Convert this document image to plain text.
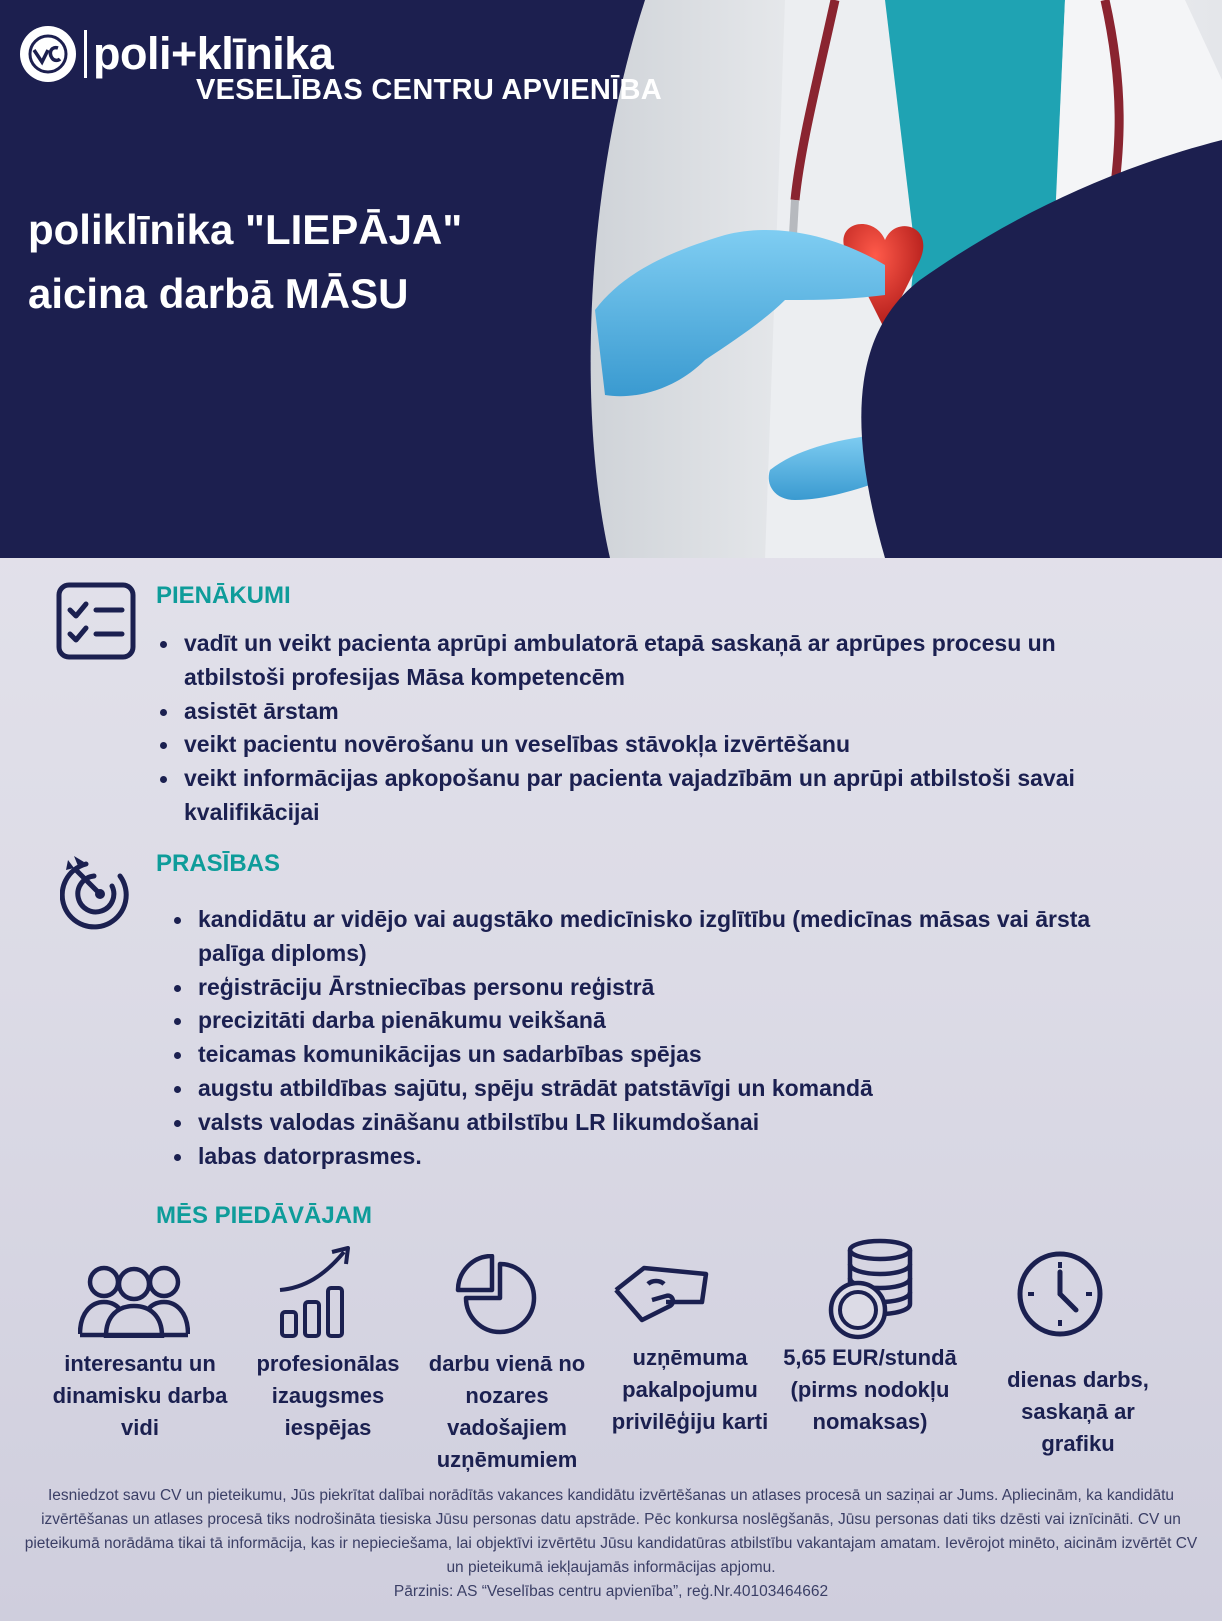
poli+klīnika
VESELĪBAS CENTRU APVIENĪBA
poliklīnika "LIEPĀJA"
aicina darbā MĀSU
PIENĀKUMI
vadīt un veikt pacienta aprūpi ambulatorā etapā saskaņā ar aprūpes procesu un atbilstoši profesijas Māsa kompetencēm
asistēt ārstam
veikt pacientu novērošanu un veselības stāvokļa izvērtēšanu
veikt informācijas apkopošanu par pacienta vajadzībām un aprūpi atbilstoši savai kvalifikācijai
PRASĪBAS
kandidātu ar vidējo vai augstāko medicīnisko izglītību (medicīnas māsas vai ārsta palīga diploms)
reģistrāciju Ārstniecības personu reģistrā
precizitāti darba pienākumu veikšanā
teicamas komunikācijas un sadarbības spējas
augstu atbildības sajūtu, spēju strādāt patstāvīgi un komandā
valsts valodas zināšanu atbilstību LR likumdošanai
labas datorprasmes.
MĒS PIEDĀVĀJAM
interesantu un dinamisku darba vidi
profesionālas izaugsmes iespējas
darbu vienā no nozares vadošajiem uzņēmumiem
uzņēmuma pakalpojumu privilēģiju karti
5,65 EUR/stundā (pirms nodokļu nomaksas)
dienas darbs, saskaņā ar grafiku
Iesniedzot savu CV un pieteikumu, Jūs piekrītat dalībai norādītās vakances kandidātu izvērtēšanas un atlases procesā un saziņai ar Jums. Apliecinām, ka kandidātu izvērtēšanas un atlases procesā tiks nodrošināta tiesiska Jūsu personas datu apstrāde. Pēc konkursa noslēgšanās, Jūsu personas dati tiks dzēsti vai iznīcināti. CV un pieteikumā norādāma tikai tā informācija, kas ir nepieciešama, lai objektīvi izvērtētu Jūsu kandidatūras atbilstību vakantajam amatam. Ievērojot minēto, aicinām izvērtēt CV un pieteikumā iekļaujamās informācijas apjomu.
Pārzinis: AS “Veselības centru apvienība”, reģ.Nr.40103464662
